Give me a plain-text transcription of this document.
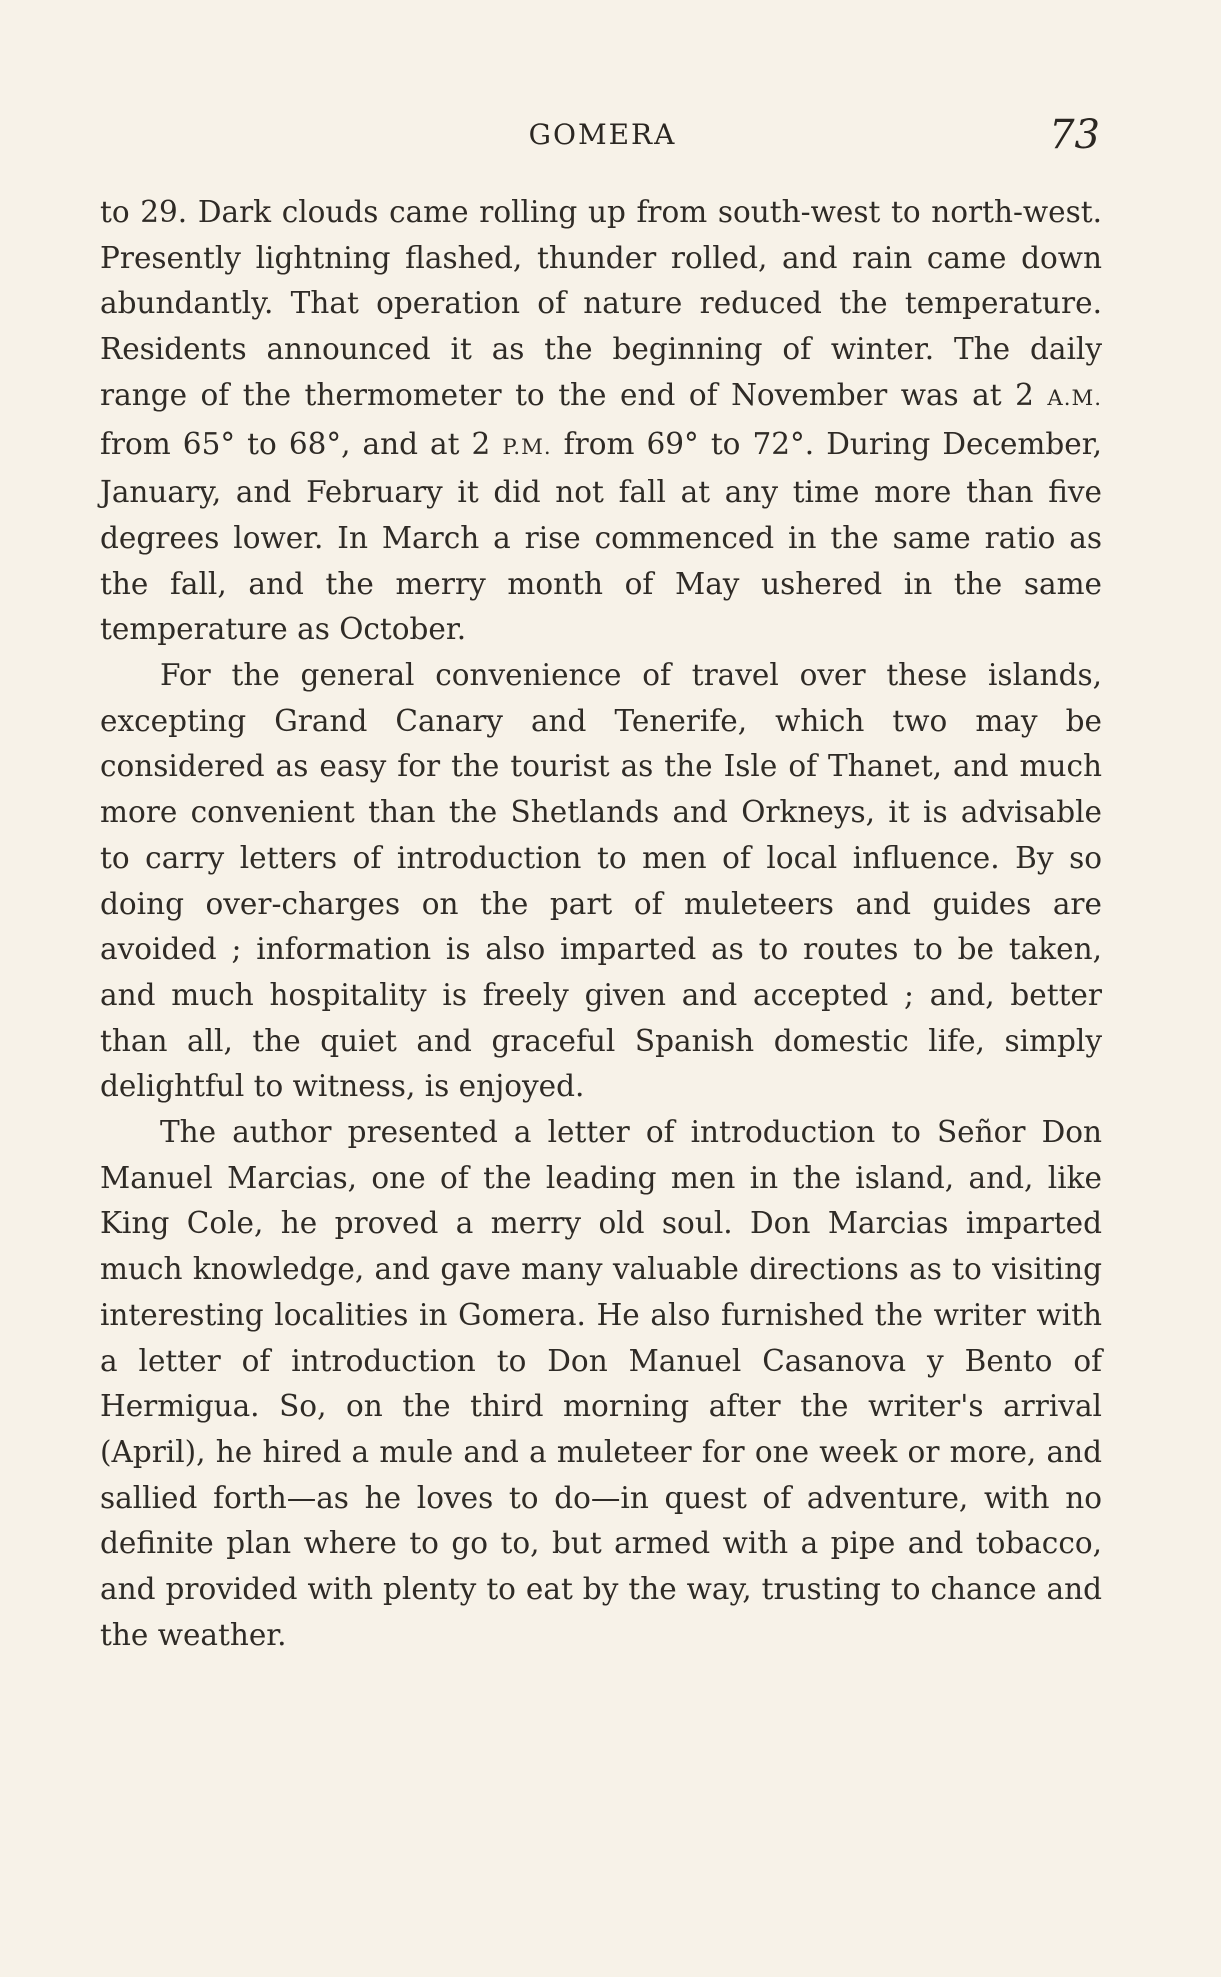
GOMERA	73

to 29. Dark clouds came rolling up from south-west to north-west. Presently lightning flashed, thunder rolled, and rain came down abundantly. That operation of nature reduced the temperature. Residents announced it as the beginning of winter. The daily range of the thermometer to the end of November was at 2 A.M. from 65° to 68°, and at 2 P.M. from 69° to 72°. During December, January, and February it did not fall at any time more than five degrees lower. In March a rise commenced in the same ratio as the fall, and the merry month of May ushered in the same temperature as October.

For the general convenience of travel over these islands, excepting Grand Canary and Tenerife, which two may be considered as easy for the tourist as the Isle of Thanet, and much more convenient than the Shetlands and Orkneys, it is advisable to carry letters of introduction to men of local influence. By so doing over-charges on the part of muleteers and guides are avoided ; information is also imparted as to routes to be taken, and much hospitality is freely given and accepted ; and, better than all, the quiet and graceful Spanish domestic life, simply delightful to witness, is enjoyed.

The author presented a letter of introduction to Señor Don Manuel Marcias, one of the leading men in the island, and, like King Cole, he proved a merry old soul. Don Marcias imparted much knowledge, and gave many valuable directions as to visiting interesting localities in Gomera. He also furnished the writer with a letter of introduction to Don Manuel Casanova y Bento of Hermigua. So, on the third morning after the writer's arrival (April), he hired a mule and a muleteer for one week or more, and sallied forth—as he loves to do—in quest of adventure, with no definite plan where to go to, but armed with a pipe and tobacco, and provided with plenty to eat by the way, trusting to chance and the weather.
